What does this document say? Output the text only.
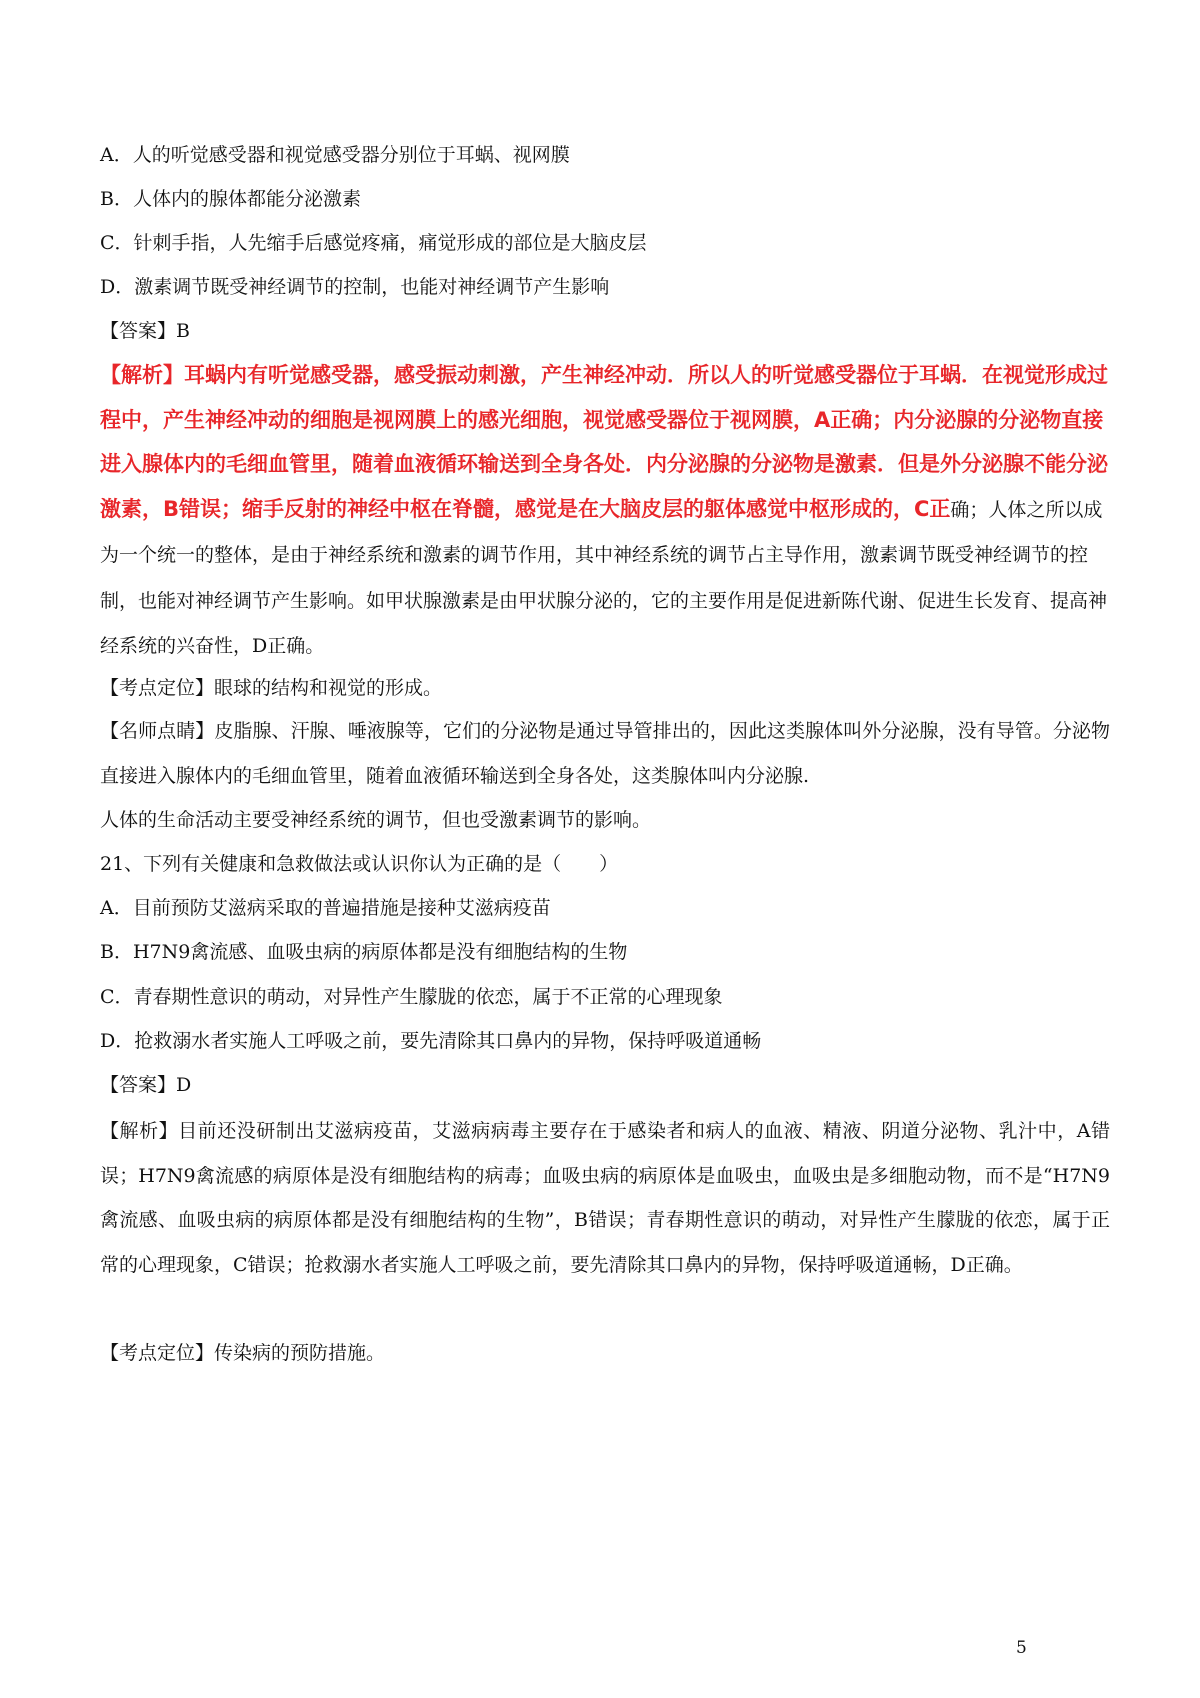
A．人的听觉感受器和视觉感受器分别位于耳蜗、视网膜
B．人体内的腺体都能分泌激素
C．针刺手指，人先缩手后感觉疼痛，痛觉形成的部位是大脑皮层
D．激素调节既受神经调节的控制，也能对神经调节产生影响
【答案】B
【解析】耳蜗内有听觉感受器，感受振动刺激，产生神经冲动．所以人的听觉感受器位于耳蜗．在视觉形成过程中，产生神经冲动的细胞是视网膜上的感光细胞，视觉感受器位于视网膜，A正确；内分泌腺的分泌物直接进入腺体内的毛细血管里，随着血液循环输送到全身各处．内分泌腺的分泌物是激素．但是外分泌腺不能分泌激素，B错误；缩手反射的神经中枢在脊髓，感觉是在大脑皮层的躯体感觉中枢形成的，C正确；人体之所以成为一个统一的整体，是由于神经系统和激素的调节作用，其中神经系统的调节占主导作用，激素调节既受神经调节的控制，也能对神经调节产生影响。如甲状腺激素是由甲状腺分泌的，它的主要作用是促进新陈代谢、促进生长发育、提高神经系统的兴奋性，D正确。
【考点定位】眼球的结构和视觉的形成。
【名师点睛】皮脂腺、汗腺、唾液腺等，它们的分泌物是通过导管排出的，因此这类腺体叫外分泌腺，没有导管。分泌物直接进入腺体内的毛细血管里，随着血液循环输送到全身各处，这类腺体叫内分泌腺.
人体的生命活动主要受神经系统的调节，但也受激素调节的影响。
21、下列有关健康和急救做法或认识你认为正确的是（　　）
A．目前预防艾滋病采取的普遍措施是接种艾滋病疫苗
B．H7N9禽流感、血吸虫病的病原体都是没有细胞结构的生物
C．青春期性意识的萌动，对异性产生朦胧的依恋，属于不正常的心理现象
D．抢救溺水者实施人工呼吸之前，要先清除其口鼻内的异物，保持呼吸道通畅
【答案】D
【解析】目前还没研制出艾滋病疫苗，艾滋病病毒主要存在于感染者和病人的血液、精液、阴道分泌物、乳汁中，A错误；H7N9禽流感的病原体是没有细胞结构的病毒；血吸虫病的病原体是血吸虫，血吸虫是多细胞动物，而不是“H7N9禽流感、血吸虫病的病原体都是没有细胞结构的生物”，B错误；青春期性意识的萌动，对异性产生朦胧的依恋，属于正常的心理现象，C错误；抢救溺水者实施人工呼吸之前，要先清除其口鼻内的异物，保持呼吸道通畅，D正确。
【考点定位】传染病的预防措施。
5
